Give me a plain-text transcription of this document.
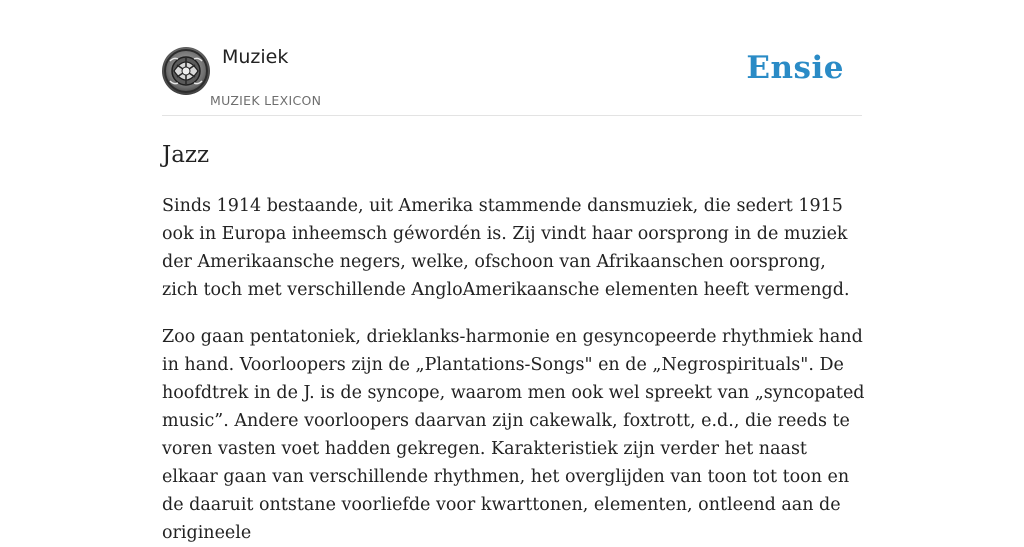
Muziek
MUZIEK LEXICON
Ensie
Jazz

Sinds 1914 bestaande, uit Amerika stammende dansmuziek, die sedert 1915 ook in Europa inheemsch géwordén is. Zij vindt haar oorsprong in de muziek der Amerikaansche negers, welke, ofschoon van Afrikaanschen oorsprong, zich toch met verschillende AngloAmerikaansche elementen heeft vermengd.

Zoo gaan pentatoniek, drieklanks-harmonie en gesyncopeerde rhythmiek hand in hand. Voorloopers zijn de „Plantations-Songs" en de „Negrospirituals". De hoofdtrek in de J. is de syncope, waarom men ook wel spreekt van „syncopated music”. Andere voorloopers daarvan zijn cakewalk, foxtrott, e.d., die reeds te voren vasten voet hadden gekregen. Karakteristiek zijn verder het naast elkaar gaan van verschillende rhythmen, het overglijden van toon tot toon en de daaruit ontstane voorliefde voor kwarttonen, elementen, ontleend aan de origineele
